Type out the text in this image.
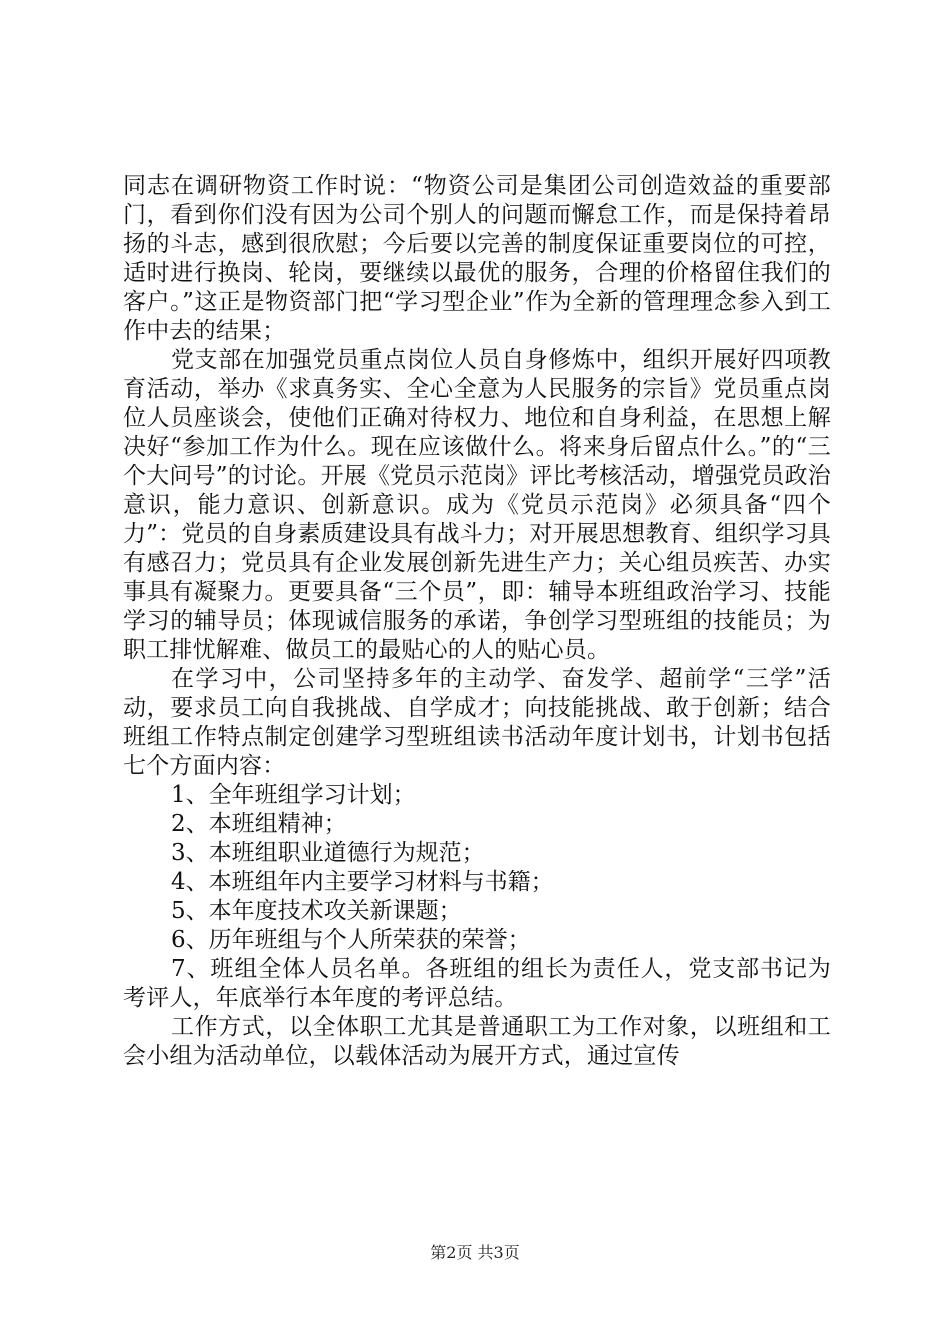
同志在调研物资工作时说：“物资公司是集团公司创造效益的重要部门，看到你们没有因为公司个别人的问题而懈怠工作，而是保持着昂扬的斗志，感到很欣慰；今后要以完善的制度保证重要岗位的可控，适时进行换岗、轮岗，要继续以最优的服务，合理的价格留住我们的客户。”这正是物资部门把“学习型企业”作为全新的管理理念参入到工作中去的结果；

党支部在加强党员重点岗位人员自身修炼中，组织开展好四项教育活动，举办《求真务实、全心全意为人民服务的宗旨》党员重点岗位人员座谈会，使他们正确对待权力、地位和自身利益，在思想上解决好“参加工作为什么。现在应该做什么。将来身后留点什么。”的“三个大问号”的讨论。开展《党员示范岗》评比考核活动，增强党员政治意识，能力意识、创新意识。成为《党员示范岗》必须具备“四个力”：党员的自身素质建设具有战斗力；对开展思想教育、组织学习具有感召力；党员具有企业发展创新先进生产力；关心组员疾苦、办实事具有凝聚力。更要具备“三个员”，即：辅导本班组政治学习、技能学习的辅导员；体现诚信服务的承诺，争创学习型班组的技能员；为职工排忧解难、做员工的最贴心的人的贴心员。

在学习中，公司坚持多年的主动学、奋发学、超前学“三学”活动，要求员工向自我挑战、自学成才；向技能挑战、敢于创新；结合班组工作特点制定创建学习型班组读书活动年度计划书，计划书包括七个方面内容：

1、全年班组学习计划；

2、本班组精神；

3、本班组职业道德行为规范；

4、本班组年内主要学习材料与书籍；

5、本年度技术攻关新课题；

6、历年班组与个人所荣获的荣誉；

7、班组全体人员名单。各班组的组长为责任人，党支部书记为考评人，年底举行本年度的考评总结。

工作方式，以全体职工尤其是普通职工为工作对象，以班组和工会小组为活动单位，以载体活动为展开方式，通过宣传

第2页 共3页
